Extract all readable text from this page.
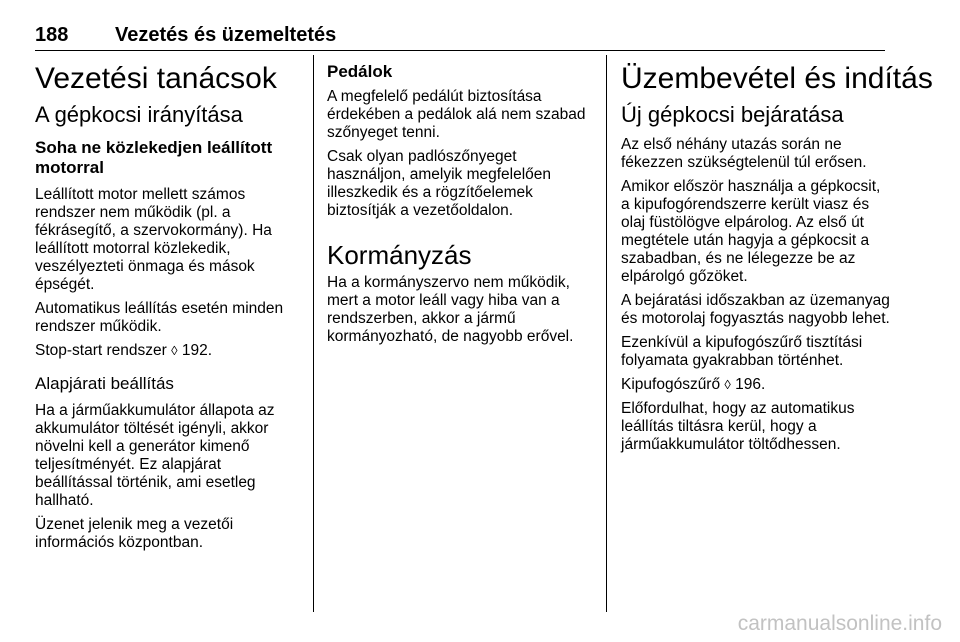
188 Vezetés és üzemeltetés
Vezetési tanácsok
A gépkocsi irányítása
Soha ne közlekedjen leállított motorral

Leállított motor mellett számos rendszer nem működik (pl. a fékrásegítő, a szervokormány). Ha leállított motorral közlekedik, veszélyezteti önmaga és mások épségét.

Automatikus leállítás esetén minden rendszer működik.

Stop-start rendszer ◊ 192.

Alapjárati beállítás

Ha a járműakkumulátor állapota az akkumulátor töltését igényli, akkor növelni kell a generátor kimenő teljesítményét. Ez alapjárat beállítással történik, ami esetleg hallható.

Üzenet jelenik meg a vezetői információs központban.

Pedálok

A megfelelő pedálút biztosítása érdekében a pedálok alá nem szabad szőnyeget tenni.

Csak olyan padlószőnyeget használjon, amelyik megfelelően illeszkedik és a rögzítőelemek biztosítják a vezetőoldalon.

Kormányzás

Ha a kormányszervo nem működik, mert a motor leáll vagy hiba van a rendszerben, akkor a jármű kormányozható, de nagyobb erővel.

Üzembevétel és indítás
Új gépkocsi bejáratása

Az első néhány utazás során ne fékezzen szükségtelenül túl erősen.

Amikor először használja a gépkocsit, a kipufogórendszerre került viasz és olaj füstölögve elpárolog. Az első út megtétele után hagyja a gépkocsit a szabadban, és ne lélegezze be az elpárolgó gőzöket.

A bejáratási időszakban az üzemanyag és motorolaj fogyasztás nagyobb lehet.

Ezenkívül a kipufogószűrő tisztítási folyamata gyakrabban történhet.

Kipufogószűrő ◊ 196.

Előfordulhat, hogy az automatikus leállítás tiltásra kerül, hogy a járműakkumulátor töltődhessen.

carmanualsonline.info
